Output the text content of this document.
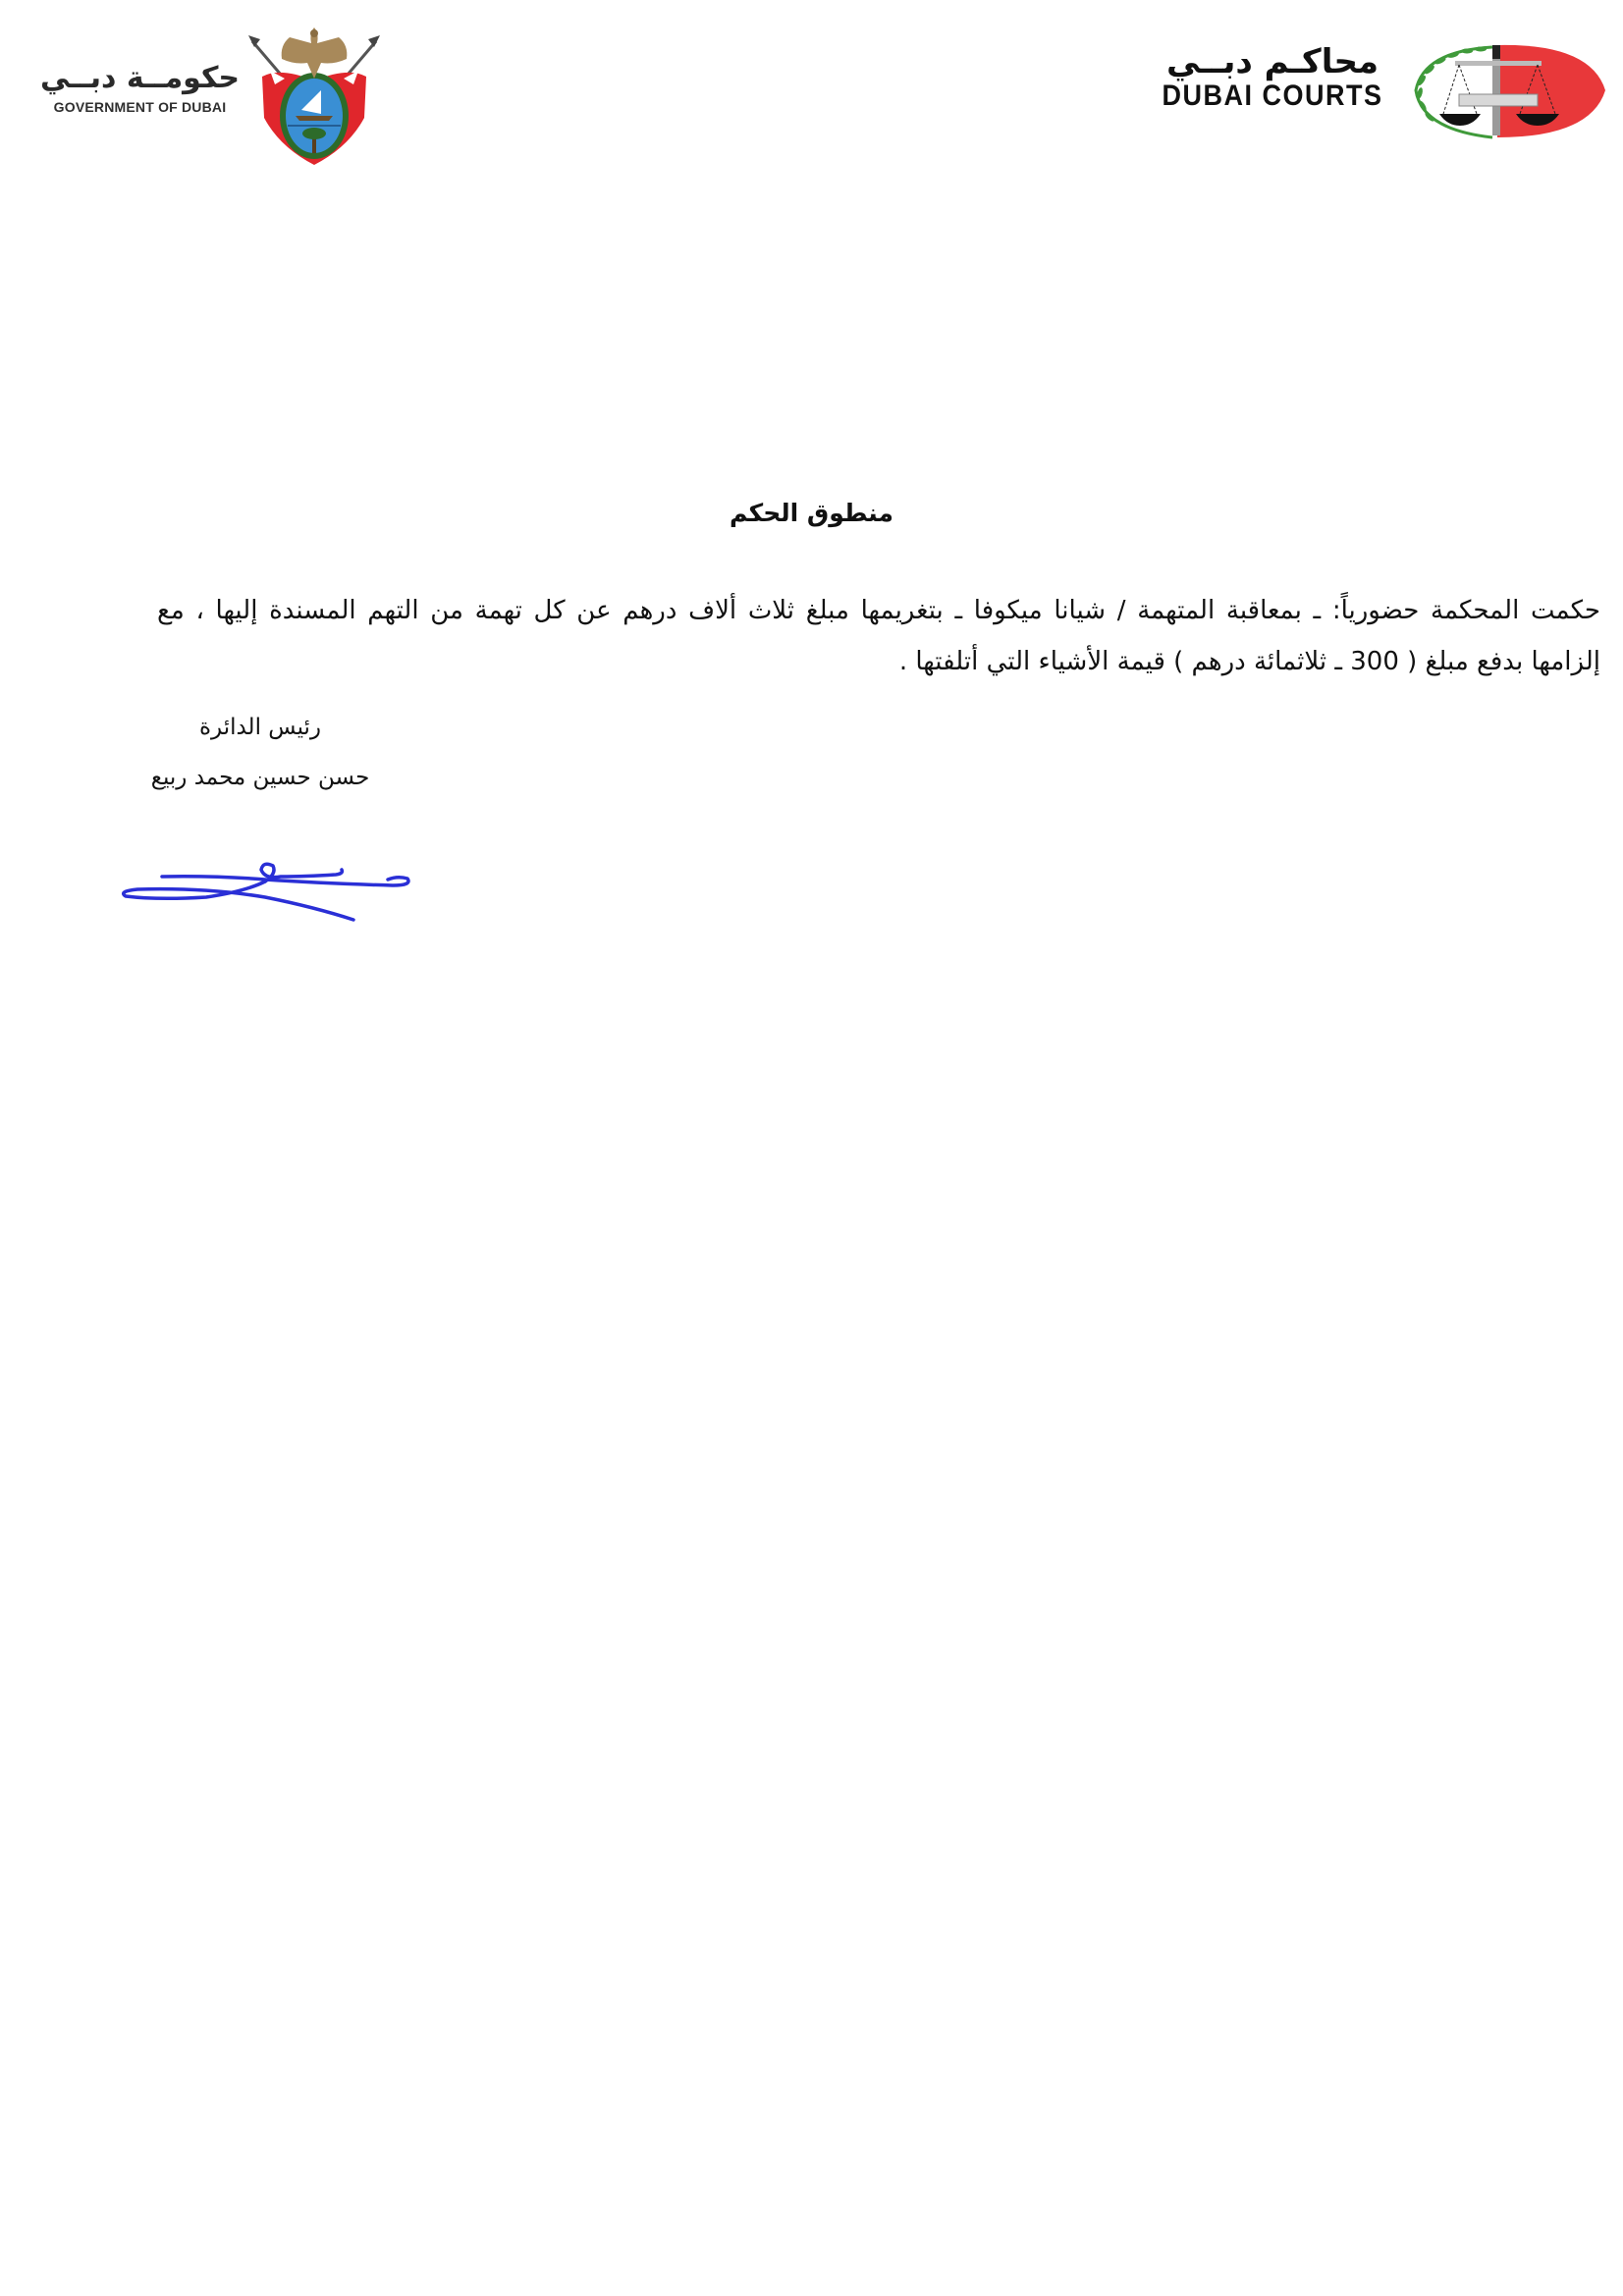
حكومــة دبــي
GOVERNMENT OF DUBAI
محاكـم دبــي
DUBAI COURTS
منطوق الحكم
حكمت المحكمة حضورياً: ـ بمعاقبة المتهمة / شيانا ميكوفا ـ بتغريمها مبلغ ثلاث ألاف درهم عن كل تهمة من التهم المسندة إليها ، مع إلزامها بدفع مبلغ ( 300 ـ ثلاثمائة درهم ) قيمة الأشياء التي أتلفتها .
رئيس الدائرة
حسن حسين محمد ربيع
